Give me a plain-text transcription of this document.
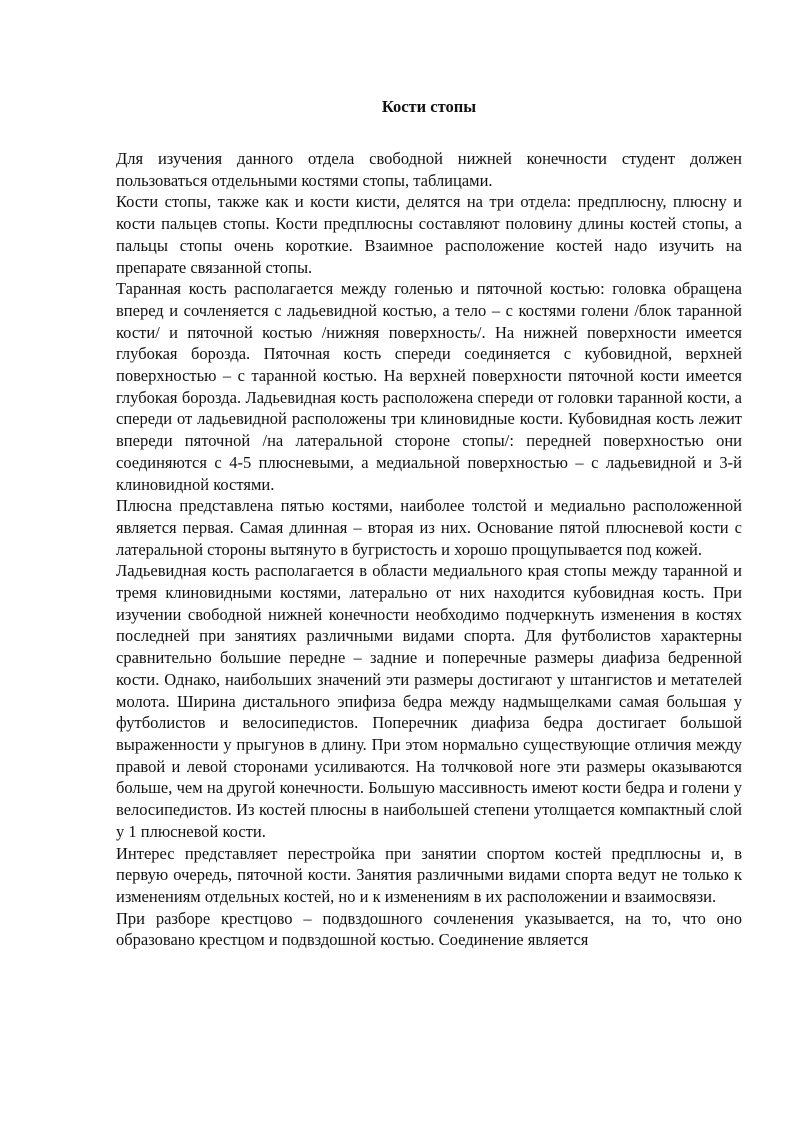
Кости стопы

Для изучения данного отдела свободной нижней конечности студент должен пользоваться отдельными костями стопы, таблицами.

Кости стопы, также как и кости кисти, делятся на три отдела: предплюсну, плюсну и кости пальцев стопы. Кости предплюсны составляют половину длины костей стопы, а пальцы стопы очень короткие. Взаимное расположение костей надо изучить на препарате связанной стопы.

Таранная кость располагается между голенью и пяточной костью: головка обращена вперед и сочленяется с ладьевидной костью, а тело – с костями голени /блок таранной кости/ и пяточной костью /нижняя поверхность/. На нижней поверхности имеется глубокая борозда. Пяточная кость спереди соединяется с кубовидной, верхней поверхностью – с таранной костью. На верхней поверхности пяточной кости имеется глубокая борозда. Ладьевидная кость расположена спереди от головки таранной кости, а спереди от ладьевидной расположены три клиновидные кости. Кубовидная кость лежит впереди пяточной /на латеральной стороне стопы/: передней поверхностью они соединяются с 4-5 плюсневыми, а медиальной поверхностью – с ладьевидной и 3-й клиновидной костями.

Плюсна представлена пятью костями, наиболее толстой и медиально расположенной является первая. Самая длинная – вторая из них. Основание пятой плюсневой кости с латеральной стороны вытянуто в бугристость и хорошо прощупывается под кожей.

Ладьевидная кость располагается в области медиального края стопы между таранной и тремя клиновидными костями, латерально от них находится кубовидная кость. При изучении свободной нижней конечности необходимо подчеркнуть изменения в костях последней при занятиях различными видами спорта. Для футболистов характерны сравнительно большие передне – задние и поперечные размеры диафиза бедренной кости. Однако, наибольших значений эти размеры достигают у штангистов и метателей молота. Ширина дистального эпифиза бедра между надмыщелками самая большая у футболистов и велосипедистов. Поперечник диафиза бедра достигает большой выраженности у прыгунов в длину. При этом нормально существующие отличия между правой и левой сторонами усиливаются. На толчковой ноге эти размеры оказываются больше, чем на другой конечности. Большую массивность имеют кости бедра и голени у велосипедистов. Из костей плюсны в наибольшей степени утолщается компактный слой у 1 плюсневой кости.

Интерес представляет перестройка при занятии спортом костей предплюсны и, в первую очередь, пяточной кости. Занятия различными видами спорта ведут не только к изменениям отдельных костей, но и к изменениям в их расположении и взаимосвязи.

При разборе крестцово – подвздошного сочленения указывается, на то, что оно образовано крестцом и подвздошной костью. Соединение является
